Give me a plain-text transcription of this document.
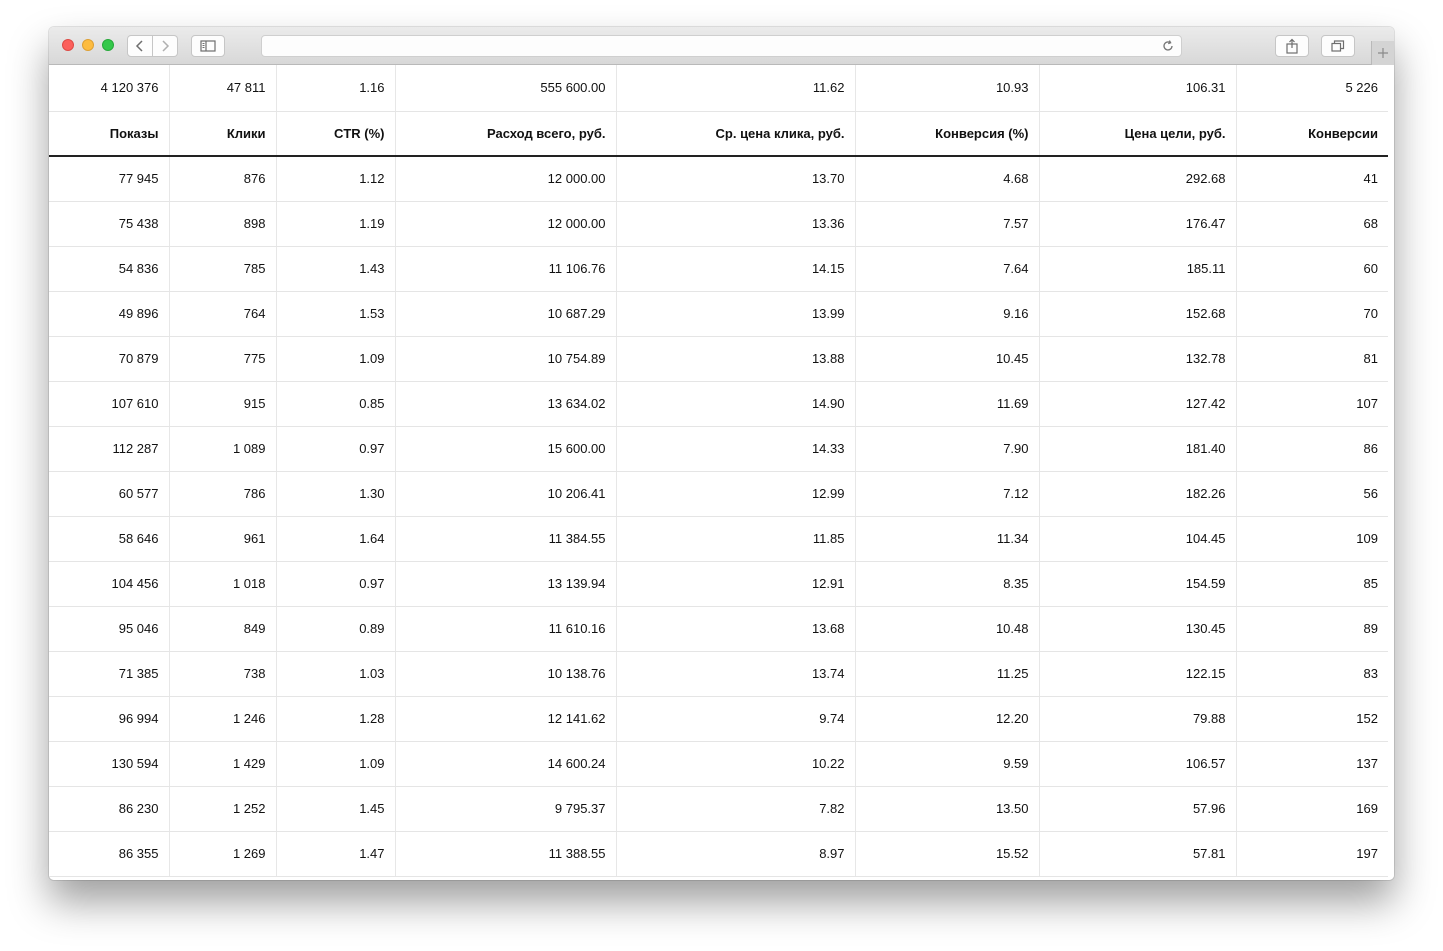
4 120 376	47 811	1.16	555 600.00	11.62	10.93	106.31	5 226
Показы	Клики	CTR (%)	Расход всего, руб.	Ср. цена клика, руб.	Конверсия (%)	Цена цели, руб.	Конверсии
77 945	876	1.12	12 000.00	13.70	4.68	292.68	41
75 438	898	1.19	12 000.00	13.36	7.57	176.47	68
54 836	785	1.43	11 106.76	14.15	7.64	185.11	60
49 896	764	1.53	10 687.29	13.99	9.16	152.68	70
70 879	775	1.09	10 754.89	13.88	10.45	132.78	81
107 610	915	0.85	13 634.02	14.90	11.69	127.42	107
112 287	1 089	0.97	15 600.00	14.33	7.90	181.40	86
60 577	786	1.30	10 206.41	12.99	7.12	182.26	56
58 646	961	1.64	11 384.55	11.85	11.34	104.45	109
104 456	1 018	0.97	13 139.94	12.91	8.35	154.59	85
95 046	849	0.89	11 610.16	13.68	10.48	130.45	89
71 385	738	1.03	10 138.76	13.74	11.25	122.15	83
96 994	1 246	1.28	12 141.62	9.74	12.20	79.88	152
130 594	1 429	1.09	14 600.24	10.22	9.59	106.57	137
86 230	1 252	1.45	9 795.37	7.82	13.50	57.96	169
86 355	1 269	1.47	11 388.55	8.97	15.52	57.81	197
